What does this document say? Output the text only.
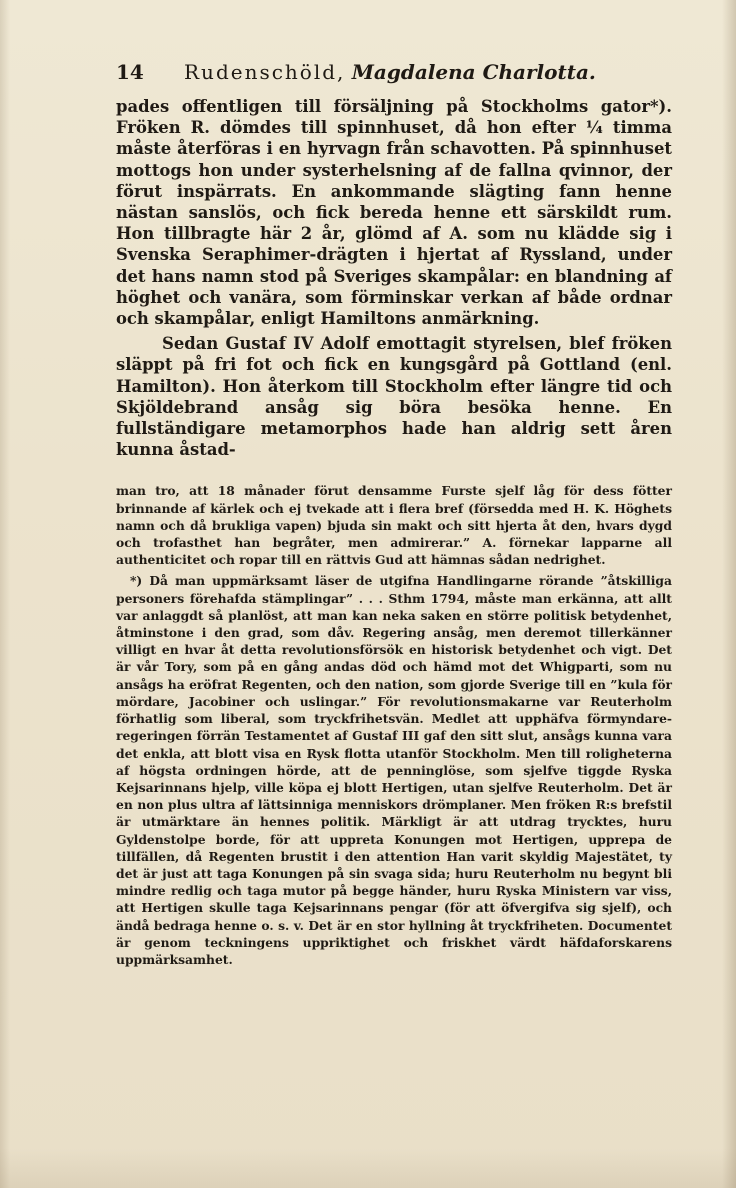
14	Rudenschöld, Magdalena Charlotta.

pades offentligen till försäljning på Stockholms gator*). Fröken R. dömdes till spinnhuset, då hon efter ¼ timma måste återföras i en hyrvagn från schavotten. På spinnhuset mottogs hon under systerhelsning af de fallna qvinnor, der förut inspärrats. En ankommande slägting fann henne nästan sanslös, och fick bereda henne ett särskildt rum. Hon tillbragte här 2 år, glömd af A. som nu klädde sig i Svenska Seraphimer-drägten i hjertat af Ryssland, under det hans namn stod på Sveriges skampålar: en blandning af höghet och vanära, som förminskar verkan af både ordnar och skampålar, enligt Hamiltons anmärkning.

Sedan Gustaf IV Adolf emottagit styrelsen, blef fröken släppt på fri fot och fick en kungsgård på Gottland (enl. Hamilton). Hon återkom till Stockholm efter längre tid och Skjöldebrand ansåg sig böra besöka henne. En fullständigare metamorphos hade han aldrig sett åren kunna åstad-

man tro, att 18 månader förut densamme Furste sjelf låg för dess fötter brinnande af kärlek och ej tvekade att i flera bref (försedda med H. K. Höghets namn och då brukliga vapen) bjuda sin makt och sitt hjerta åt den, hvars dygd och trofasthet han begråter, men admirerar.” A. förnekar lapparne all authenticitet och ropar till en rättvis Gud att hämnas sådan nedrighet.

*) Då man uppmärksamt läser de utgifna Handlingarne rörande ”åtskilliga personers förehafda stämplingar” . . . Sthm 1794, måste man erkänna, att allt var anlaggdt så planlöst, att man kan neka saken en större politisk betydenhet, åtminstone i den grad, som dåv. Regering ansåg, men deremot tillerkänner villigt en hvar åt detta revolutionsförsök en historisk betydenhet och vigt. Det är vår Tory, som på en gång andas död och hämd mot det Whigparti, som nu ansågs ha eröfrat Regenten, och den nation, som gjorde Sverige till en ”kula för mördare, Jacobiner och uslingar.” För revolutionsmakarne var Reuterholm förhatlig som liberal, som tryckfrihetsvän. Medlet att upphäfva förmyndare-regeringen förrän Testamentet af Gustaf III gaf den sitt slut, ansågs kunna vara det enkla, att blott visa en Rysk flotta utanför Stockholm. Men till roligheterna af högsta ordningen hörde, att de penninglöse, som sjelfve tiggde Ryska Kejsarinnans hjelp, ville köpa ej blott Hertigen, utan sjelfve Reuterholm. Det är en non plus ultra af lättsinniga menniskors drömplaner. Men fröken R:s brefstil är utmärktare än hennes politik. Märkligt är att utdrag trycktes, huru Gyldenstolpe borde, för att uppreta Konungen mot Hertigen, upprepa de tillfällen, då Regenten brustit i den attention Han varit skyldig Majestätet, ty det är just att taga Konungen på sin svaga sida; huru Reuterholm nu begynt bli mindre redlig och taga mutor på begge händer, huru Ryska Ministern var viss, att Hertigen skulle taga Kejsarinnans pengar (för att öfvergifva sig sjelf), och ändå bedraga henne o. s. v. Det är en stor hyllning åt tryckfriheten. Documentet är genom teckningens uppriktighet och friskhet värdt häfdaforskarens uppmärksamhet.
